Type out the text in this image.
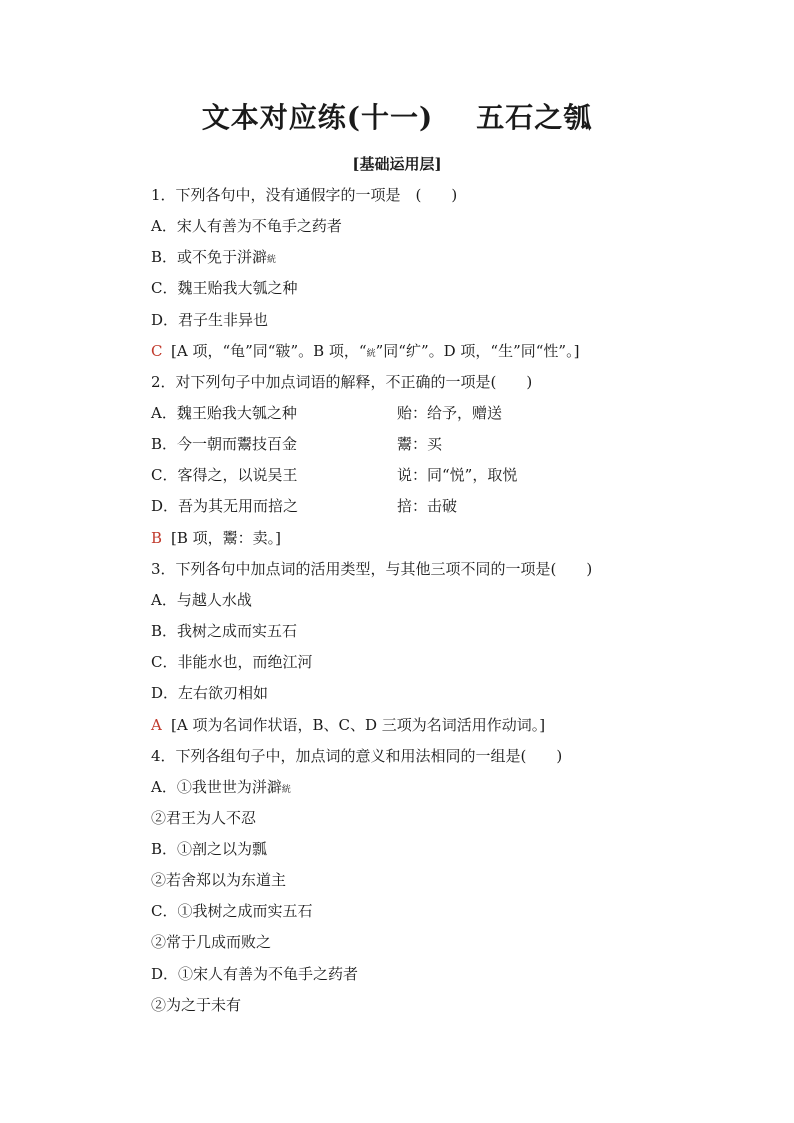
文本对应练(十一)    五石之瓠
[基础运用层]
1．下列各句中，没有通假字的一项是　(　　)
A．宋人有善为不龟手之药者
B．或不免于洴澼絖
C．魏王贻我大瓠之种
D．君子生非异也
C [A 项，“龟”同“皲”。B 项，“絖”同“纩”。D 项，“生”同“性”。]
2．对下列句子中加点词语的解释，不正确的一项是(　　)
A．魏王贻我大瓠之种	贻：给予，赠送
B．今一朝而鬻技百金	鬻：买
C．客得之，以说吴王	说：同“悦”，取悦
D．吾为其无用而掊之	掊：击破
B [B 项，鬻：卖。]
3．下列各句中加点词的活用类型，与其他三项不同的一项是(　　)
A．与越人水战
B．我树之成而实五石
C．非能水也，而绝江河
D．左右欲刃相如
A [A 项为名词作状语，B、C、D 三项为名词活用作动词。]
4．下列各组句子中，加点词的意义和用法相同的一组是(　　)
A．①我世世为洴澼絖
②君王为人不忍
B．①剖之以为瓢
②若舍郑以为东道主
C．①我树之成而实五石
②常于几成而败之
D．①宋人有善为不龟手之药者
②为之于未有
